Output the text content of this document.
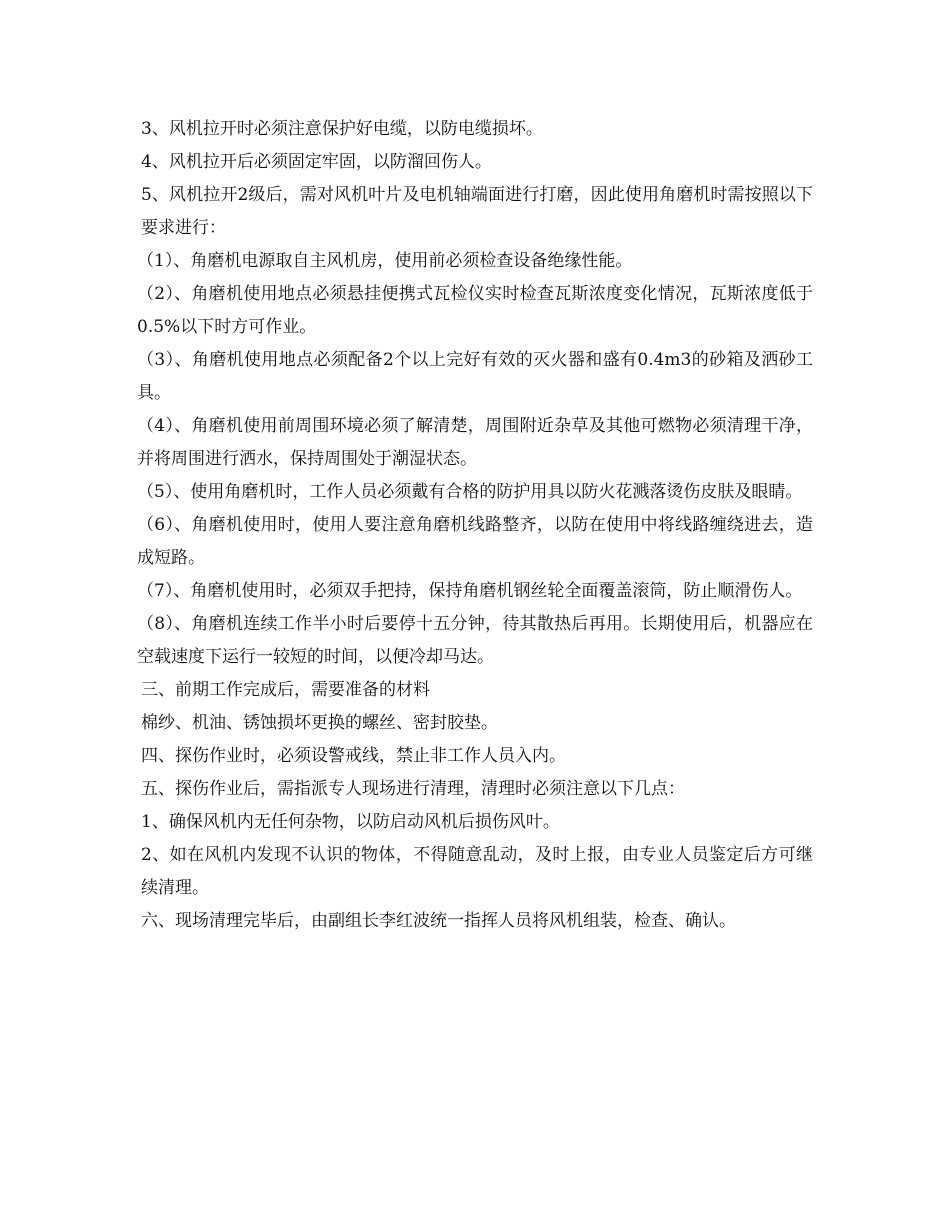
3、风机拉开时必须注意保护好电缆，以防电缆损坏。

4、风机拉开后必须固定牢固，以防溜回伤人。

5、风机拉开2级后，需对风机叶片及电机轴端面进行打磨，因此使用角磨机时需按照以下要求进行：

（1）、角磨机电源取自主风机房，使用前必须检查设备绝缘性能。

（2）、角磨机使用地点必须悬挂便携式瓦检仪实时检查瓦斯浓度变化情况，瓦斯浓度低于0.5%以下时方可作业。

（3）、角磨机使用地点必须配备2个以上完好有效的灭火器和盛有0.4m3的砂箱及洒砂工具。

（4）、角磨机使用前周围环境必须了解清楚，周围附近杂草及其他可燃物必须清理干净，并将周围进行洒水，保持周围处于潮湿状态。

（5）、使用角磨机时，工作人员必须戴有合格的防护用具以防火花溅落烫伤皮肤及眼睛。

（6）、角磨机使用时，使用人要注意角磨机线路整齐，以防在使用中将线路缠绕进去，造成短路。

（7）、角磨机使用时，必须双手把持，保持角磨机钢丝轮全面覆盖滚筒，防止顺滑伤人。

（8）、角磨机连续工作半小时后要停十五分钟，待其散热后再用。长期使用后，机器应在空载速度下运行一较短的时间，以便冷却马达。

三、前期工作完成后，需要准备的材料

棉纱、机油、锈蚀损坏更换的螺丝、密封胶垫。

四、探伤作业时，必须设警戒线，禁止非工作人员入内。

五、探伤作业后，需指派专人现场进行清理，清理时必须注意以下几点：

1、确保风机内无任何杂物，以防启动风机后损伤风叶。

2、如在风机内发现不认识的物体，不得随意乱动，及时上报，由专业人员鉴定后方可继续清理。

六、现场清理完毕后，由副组长李红波统一指挥人员将风机组装，检查、确认。
